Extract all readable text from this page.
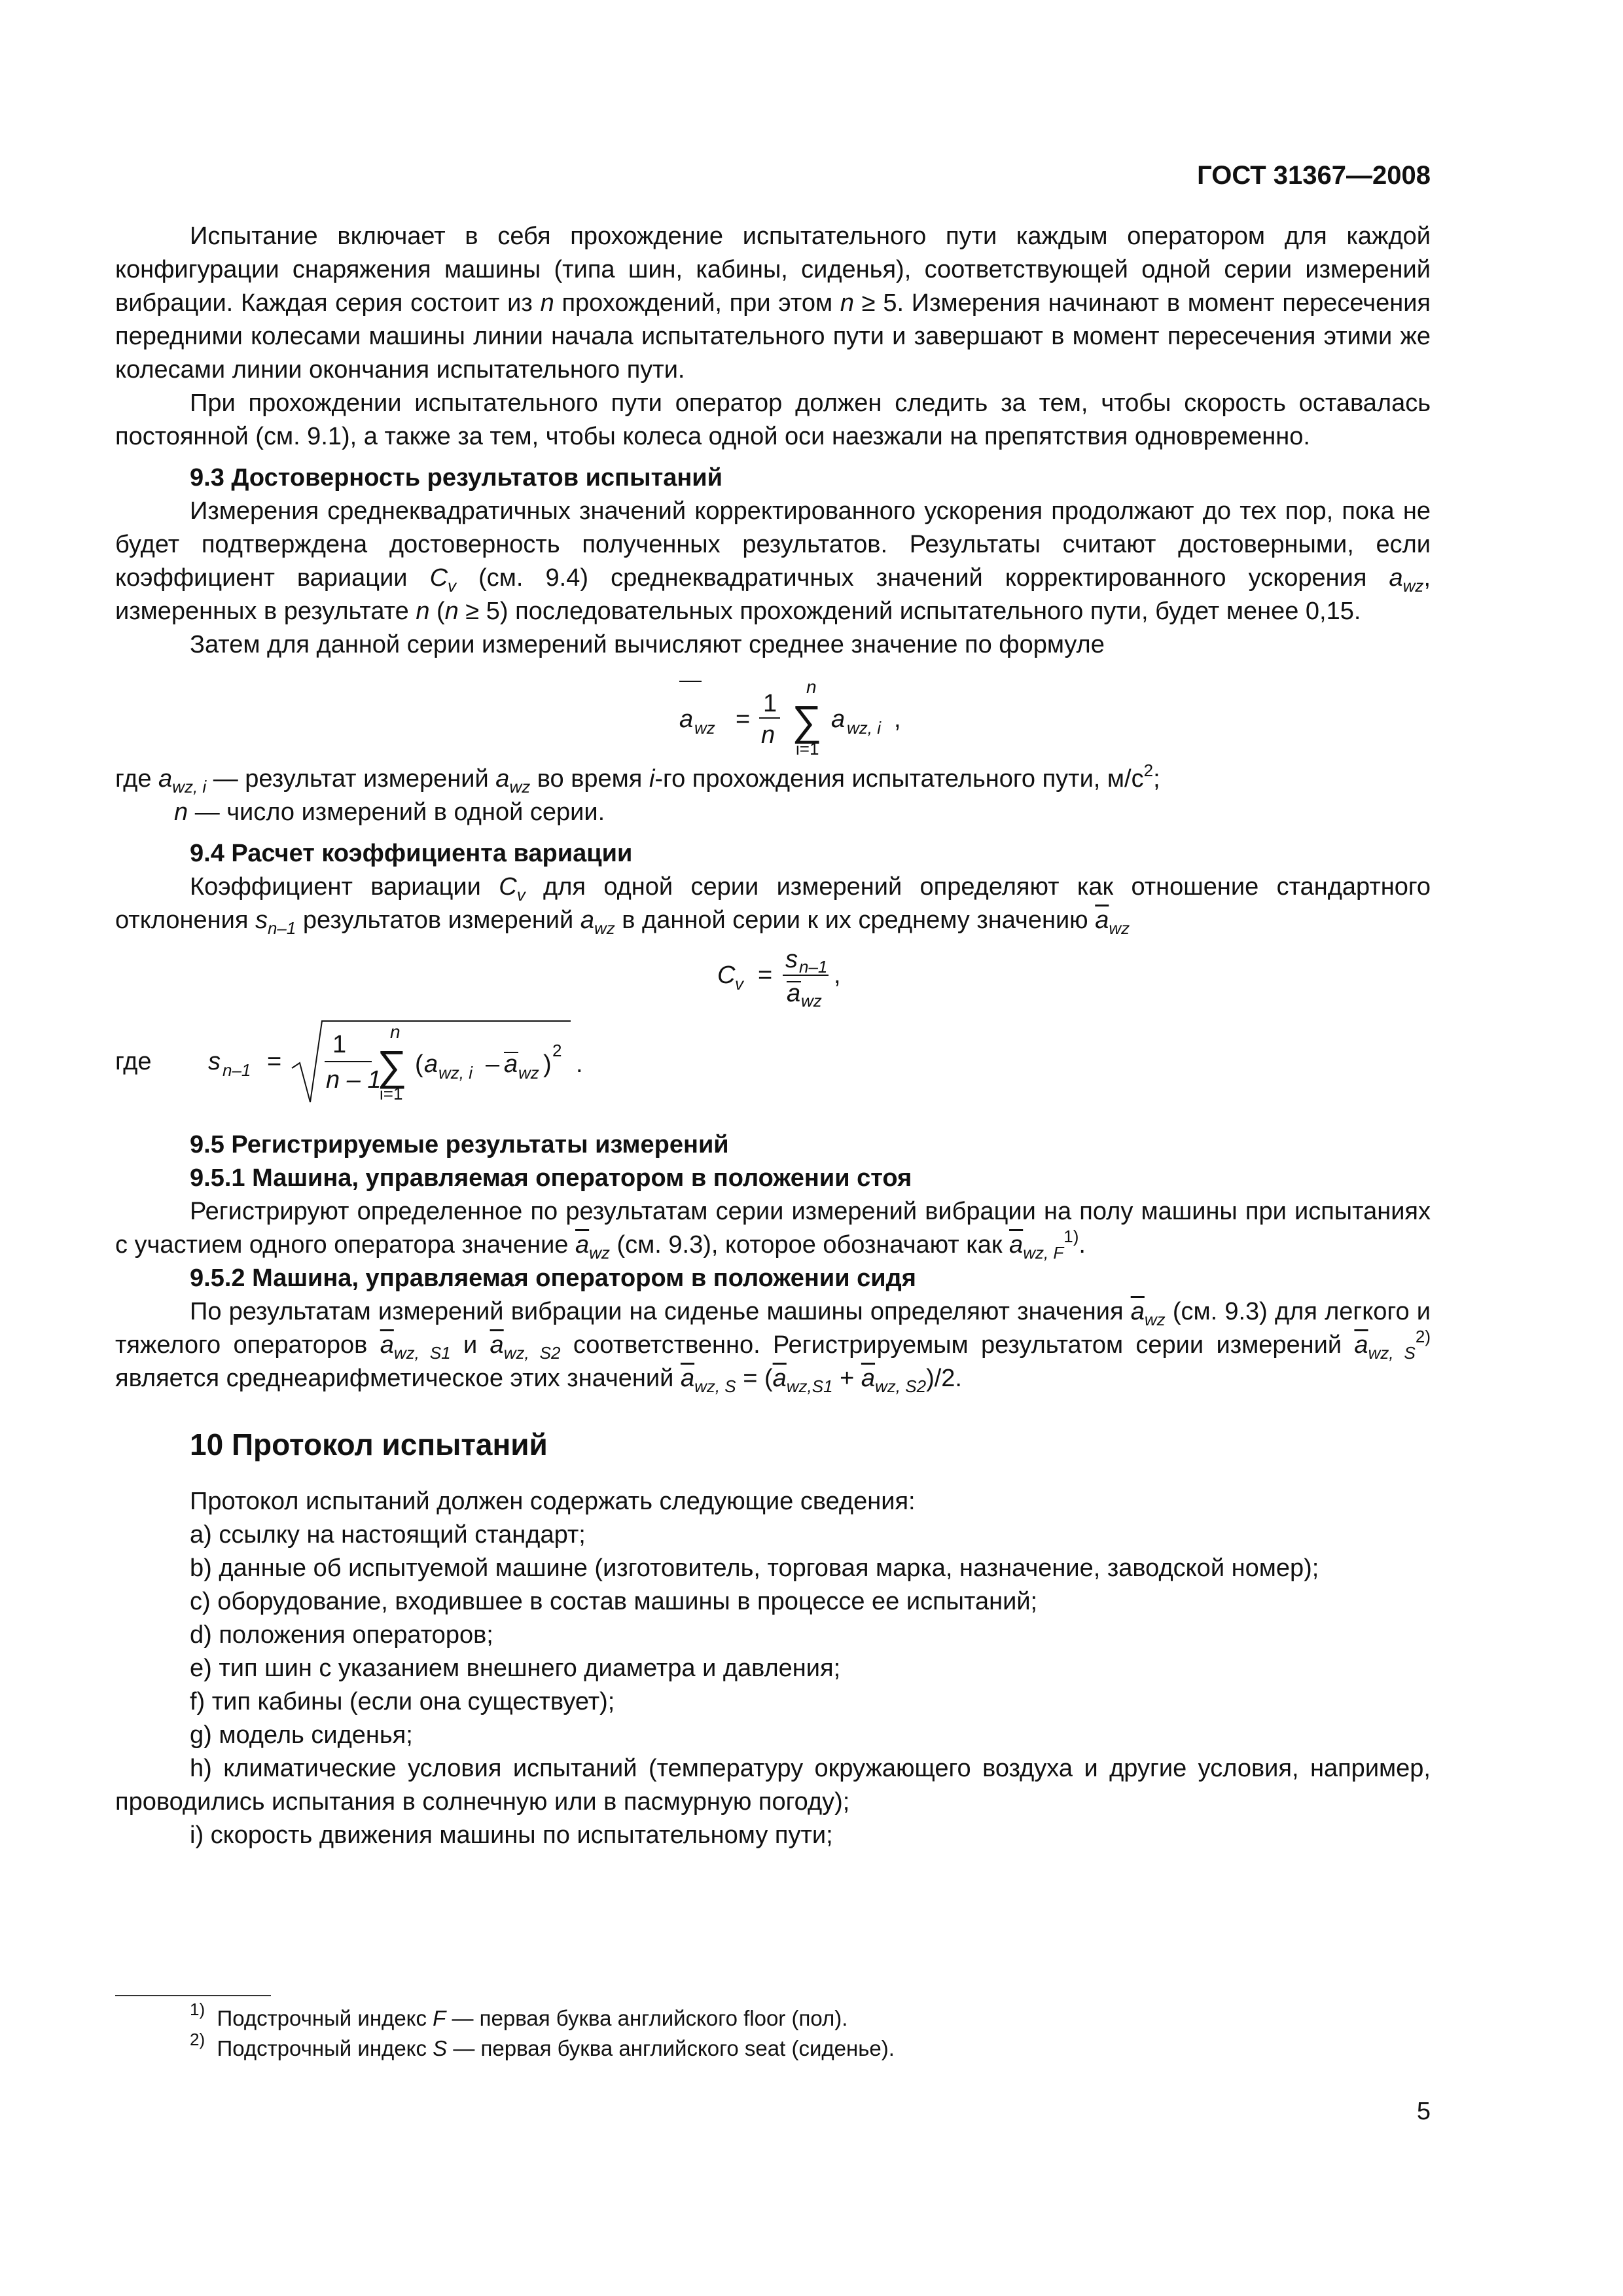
ГОСТ 31367—2008

Испытание включает в себя прохождение испытательного пути каждым оператором для каждой конфигурации снаряжения машины (типа шин, кабины, сиденья), соответствующей одной серии измерений вибрации. Каждая серия состоит из n прохождений, при этом n ≥ 5. Измерения начинают в момент пересечения передними колесами машины линии начала испытательного пути и завершают в момент пересечения этими же колесами линии окончания испытательного пути.

При прохождении испытательного пути оператор должен следить за тем, чтобы скорость оставалась постоянной (см. 9.1), а также за тем, чтобы колеса одной оси наезжали на препятствия одновременно.

9.3 Достоверность результатов испытаний

Измерения среднеквадратичных значений корректированного ускорения продолжают до тех пор, пока не будет подтверждена достоверность полученных результатов. Результаты считают достоверными, если коэффициент вариации $C_v$ (см. 9.4) среднеквадратичных значений корректированного ускорения $a_{wz}$, измеренных в результате n (n ≥ 5) последовательных прохождений испытательного пути, будет менее 0,15.

Затем для данной серии измерений вычисляют среднее значение по формуле

a wz =
1
n
n
∑
i=1
a wz, i ,

где $a_{wz, i}$ — результат измерений $a_{wz}$ во время i-го прохождения испытательного пути, $м/с^2$;

n — число измерений в одной серии.

9.4 Расчет коэффициента вариации

Коэффициент вариации $C_v$ для одной серии измерений определяют как отношение стандартного отклонения $s_{n-1}$ результатов измерений $a_{wz}$ в данной серии к их среднему значению $\overline{a}_{wz}$

C v =
s n–1
a wz
,
где s n–1 =
1
n – 1
n
∑
i=1
( a wz, i – a wz ) 2 .

9.5 Регистрируемые результаты измерений

9.5.1 Машина, управляемая оператором в положении стоя

Регистрируют определенное по результатам серии измерений вибрации на полу машины при испытаниях с участием одного оператора значение $\overline{a}_{wz}$ (см. 9.3), которое обозначают как $\overline{a}_{wz, F}^{1)}$.

9.5.2 Машина, управляемая оператором в положении сидя

По результатам измерений вибрации на сиденье машины определяют значения $\overline{a}_{wz}$ (см. 9.3) для легкого и тяжелого операторов $\overline{a}_{wz, S1}$ и $\overline{a}_{wz, S2}$ соответственно. Регистрируемым результатом серии измерений $\overline{a}_{wz, S}^{2)}$ является среднеарифметическое этих значений $\overline{a}_{wz, S} = (\overline{a}_{wz,S1} + \overline{a}_{wz, S2})/2$.

10 Протокол испытаний

Протокол испытаний должен содержать следующие сведения:

а) ссылку на настоящий стандарт;

b) данные об испытуемой машине (изготовитель, торговая марка, назначение, заводской номер);

с) оборудование, входившее в состав машины в процессе ее испытаний;

d) положения операторов;

е) тип шин с указанием внешнего диаметра и давления;

f) тип кабины (если она существует);

g) модель сиденья;

h) климатические условия испытаний (температуру окружающего воздуха и другие условия, например, проводились испытания в солнечную или в пасмурную погоду);

i) скорость движения машины по испытательному пути;

$^{1)}$ Подстрочный индекс F — первая буква английского floor (пол).
$^{2)}$ Подстрочный индекс S — первая буква английского seat (сиденье).
5
